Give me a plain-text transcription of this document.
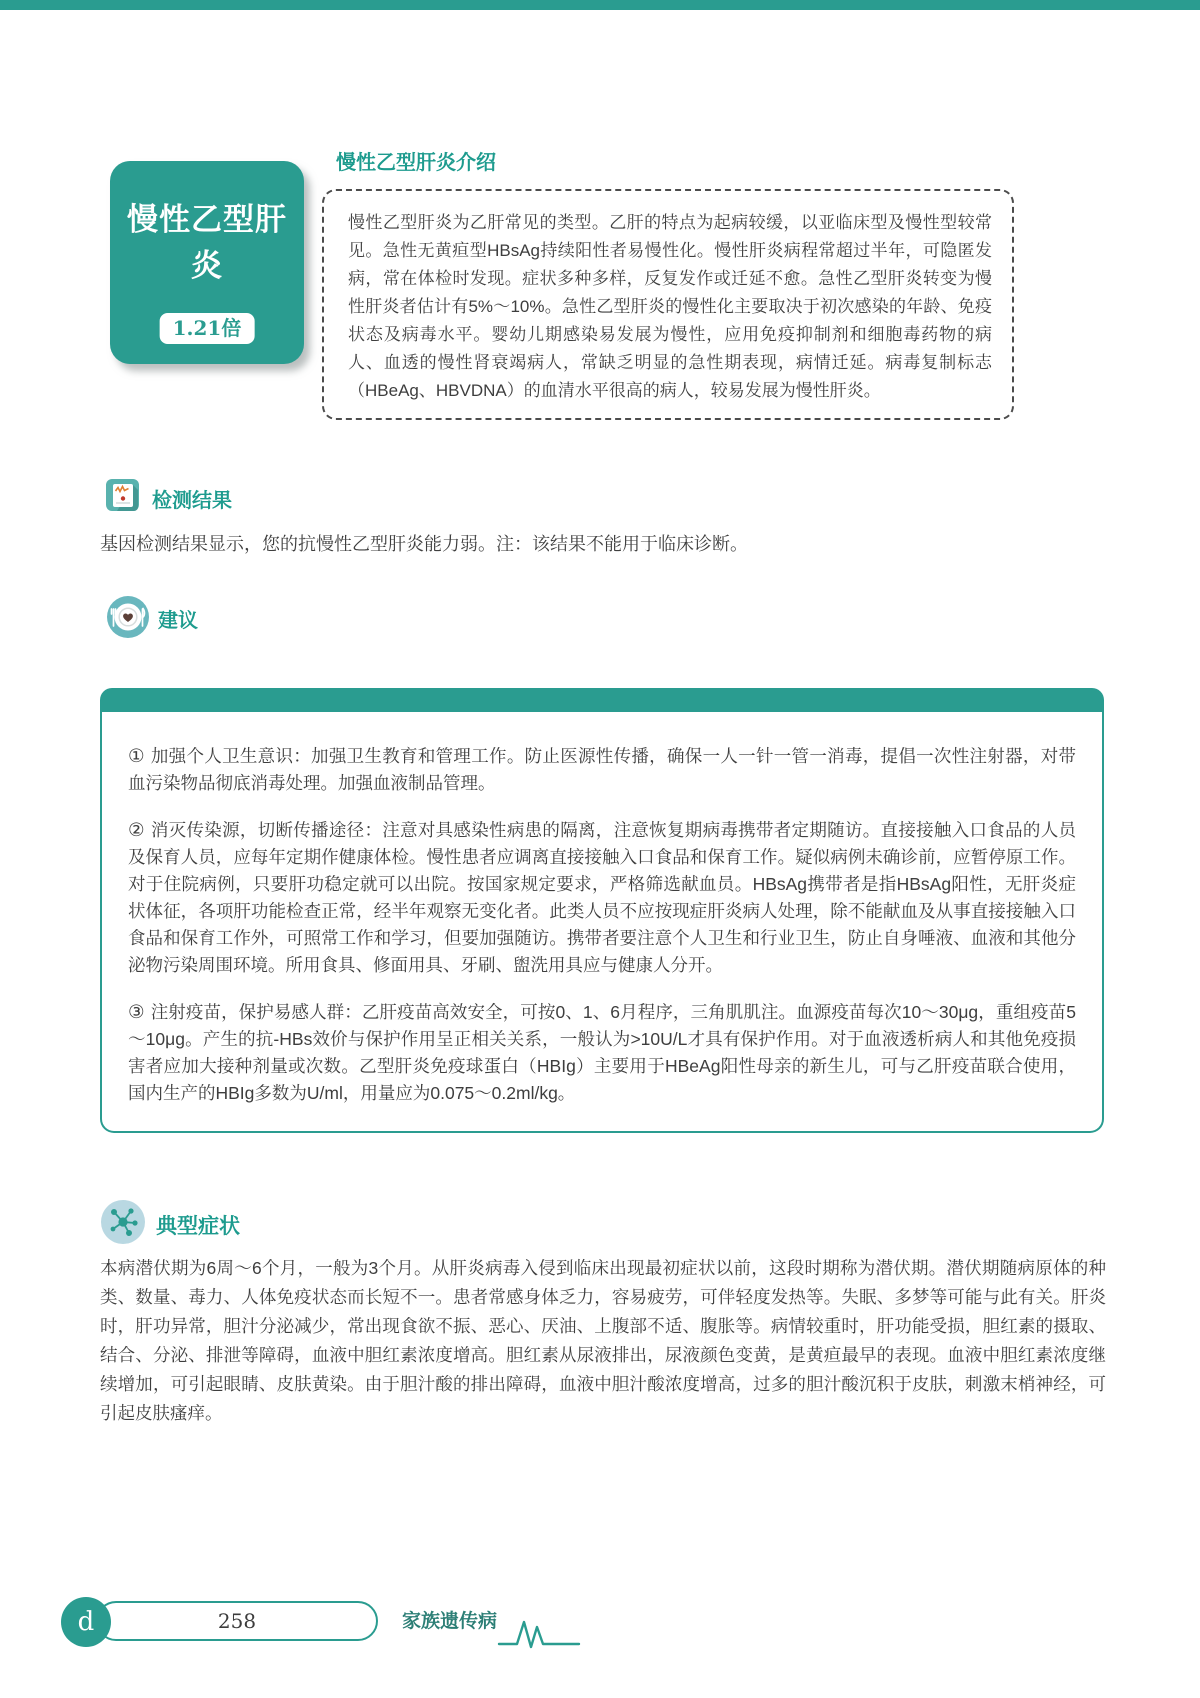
慢性乙型肝炎
1.21倍
慢性乙型肝炎介绍

慢性乙型肝炎为乙肝常见的类型。乙肝的特点为起病较缓，以亚临床型及慢性型较常见。急性无黄疸型HBsAg持续阳性者易慢性化。慢性肝炎病程常超过半年，可隐匿发病，常在体检时发现。症状多种多样，反复发作或迁延不愈。急性乙型肝炎转变为慢性肝炎者估计有5%～10%。急性乙型肝炎的慢性化主要取决于初次感染的年龄、免疫状态及病毒水平。婴幼儿期感染易发展为慢性，应用免疫抑制剂和细胞毒药物的病人、血透的慢性肾衰竭病人，常缺乏明显的急性期表现，病情迁延。病毒复制标志（HBeAg、HBVDNA）的血清水平很高的病人，较易发展为慢性肝炎。

检测结果

基因检测结果显示，您的抗慢性乙型肝炎能力弱。注：该结果不能用于临床诊断。

建议

① 加强个人卫生意识：加强卫生教育和管理工作。防止医源性传播，确保一人一针一管一消毒，提倡一次性注射器，对带血污染物品彻底消毒处理。加强血液制品管理。

② 消灭传染源，切断传播途径：注意对具感染性病患的隔离，注意恢复期病毒携带者定期随访。直接接触入口食品的人员及保育人员，应每年定期作健康体检。慢性患者应调离直接接触入口食品和保育工作。疑似病例未确诊前，应暂停原工作。对于住院病例，只要肝功稳定就可以出院。按国家规定要求，严格筛选献血员。HBsAg携带者是指HBsAg阳性，无肝炎症状体征，各项肝功能检查正常，经半年观察无变化者。此类人员不应按现症肝炎病人处理，除不能献血及从事直接接触入口食品和保育工作外，可照常工作和学习，但要加强随访。携带者要注意个人卫生和行业卫生，防止自身唾液、血液和其他分泌物污染周围环境。所用食具、修面用具、牙刷、盥洗用具应与健康人分开。

③ 注射疫苗，保护易感人群：乙肝疫苗高效安全，可按0、1、6月程序，三角肌肌注。血源疫苗每次10～30μg，重组疫苗5～10μg。产生的抗-HBs效价与保护作用呈正相关关系，一般认为>10U/L才具有保护作用。对于血液透析病人和其他免疫损害者应加大接种剂量或次数。乙型肝炎免疫球蛋白（HBIg）主要用于HBeAg阳性母亲的新生儿，可与乙肝疫苗联合使用，国内生产的HBIg多数为U/ml，用量应为0.075～0.2ml/kg。

典型症状

本病潜伏期为6周～6个月，一般为3个月。从肝炎病毒入侵到临床出现最初症状以前，这段时期称为潜伏期。潜伏期随病原体的种类、数量、毒力、人体免疫状态而长短不一。患者常感身体乏力，容易疲劳，可伴轻度发热等。失眠、多梦等可能与此有关。肝炎时，肝功异常，胆汁分泌减少，常出现食欲不振、恶心、厌油、上腹部不适、腹胀等。病情较重时，肝功能受损，胆红素的摄取、结合、分泌、排泄等障碍，血液中胆红素浓度增高。胆红素从尿液排出，尿液颜色变黄，是黄疸最早的表现。血液中胆红素浓度继续增加，可引起眼睛、皮肤黄染。由于胆汁酸的排出障碍，血液中胆汁酸浓度增高，过多的胆汁酸沉积于皮肤，刺激末梢神经，可引起皮肤瘙痒。

258
d	家族遗传病
